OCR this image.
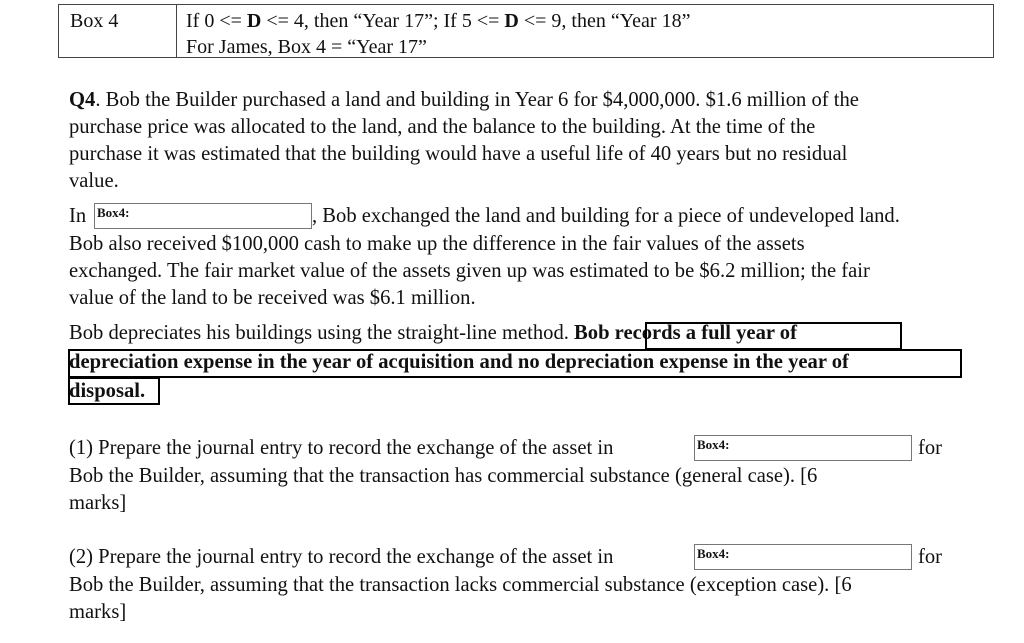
Box 4	If 0 <= D <= 4, then “Year 17”; If 5 <= D <= 9, then “Year 18”
For James, Box 4 = “Year 17”
Q4. Bob the Builder purchased a land and building in Year 6 for $4,000,000. $1.6 million of the
purchase price was allocated to the land, and the balance to the building. At the time of the
purchase it was estimated that the building would have a useful life of 40 years but no residual
value.
In Box4:	, Bob exchanged the land and building for a piece of undeveloped land.
Bob also received $100,000 cash to make up the difference in the fair values of the assets
exchanged. The fair market value of the assets given up was estimated to be $6.2 million; the fair
value of the land to be received was $6.1 million.
Bob depreciates his buildings using the straight-line method. Bob records a full year of
depreciation expense in the year of acquisition and no depreciation expense in the year of
disposal.
(1) Prepare the journal entry to record the exchange of the asset in	Box4:	for
Bob the Builder, assuming that the transaction has commercial substance (general case). [6
marks]
(2) Prepare the journal entry to record the exchange of the asset in	Box4:	for
Bob the Builder, assuming that the transaction lacks commercial substance (exception case). [6
marks]
